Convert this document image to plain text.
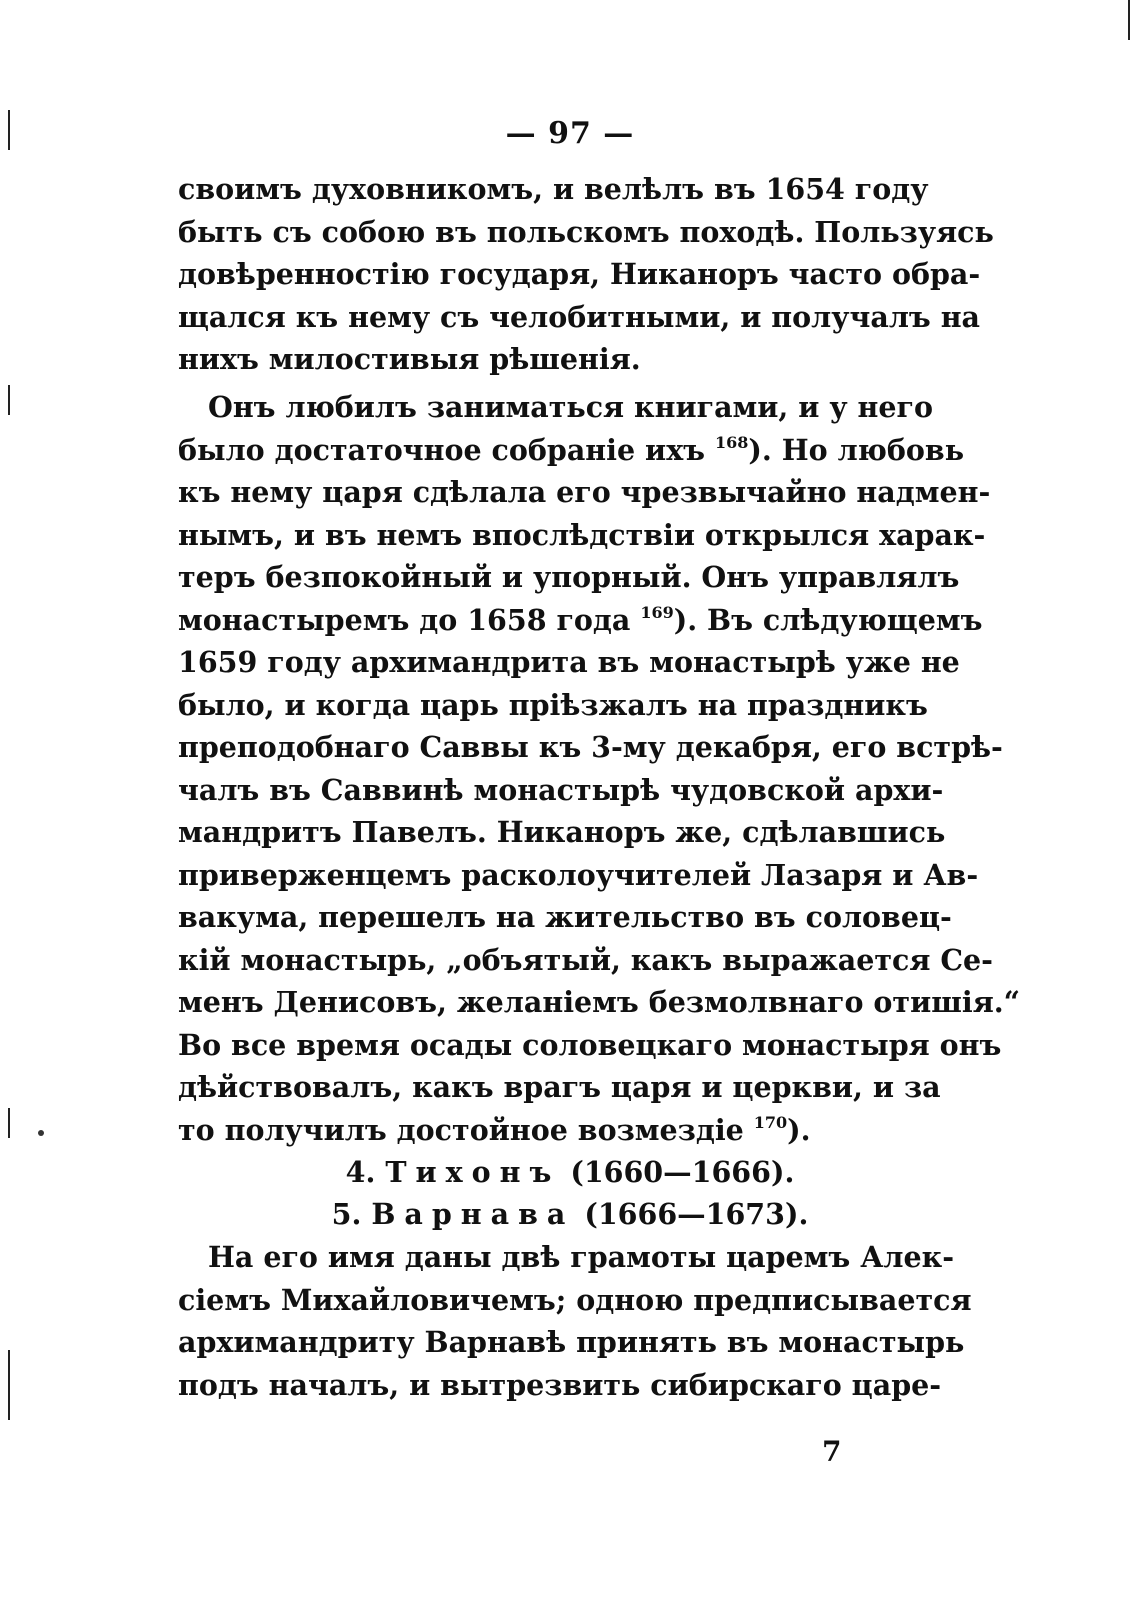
— 97 —
своимъ духовникомъ, и велѣлъ въ 1654 году
быть съ собою въ польскомъ походѣ. Пользуясь
довѣренностію государя, Никаноръ часто обра-
щался къ нему съ челобитными, и получалъ на
нихъ милостивыя рѣшенія.
Онъ любилъ заниматься книгами, и у него
было достаточное собраніе ихъ $^{168}$). Но любовь
къ нему царя сдѣлала его чрезвычайно надмен-
нымъ, и въ немъ впослѣдствіи открылся харак-
теръ безпокойный и упорный. Онъ управлялъ
монастыремъ до 1658 года $^{169}$). Въ слѣдующемъ
1659 году архимандрита въ монастырѣ уже не
было, и когда царь пріѣзжалъ на праздникъ
преподобнаго Саввы къ 3-му декабря, его встрѣ-
чалъ въ Саввинѣ монастырѣ чудовской архи-
мандритъ Павелъ. Никаноръ же, сдѣлавшись
приверженцемъ расколоучителей Лазаря и Ав-
вакума, перешелъ на жительство въ соловец-
кій монастырь, „объятый, какъ выражается Се-
менъ Денисовъ, желаніемъ безмолвнаго отишія.“
Во все время осады соловецкаго монастыря онъ
дѣйствовалъ, какъ врагъ царя и церкви, и за
то получилъ достойное возмездіе $^{170}$).
4. Тихонъ (1660—1666).
5. Варнава (1666—1673).
На его имя даны двѣ грамоты царемъ Алек-
сіемъ Михайловичемъ; одною предписывается
архимандриту Варнавѣ принять въ монастырь
подъ началъ, и вытрезвить сибирскаго царе-
7
